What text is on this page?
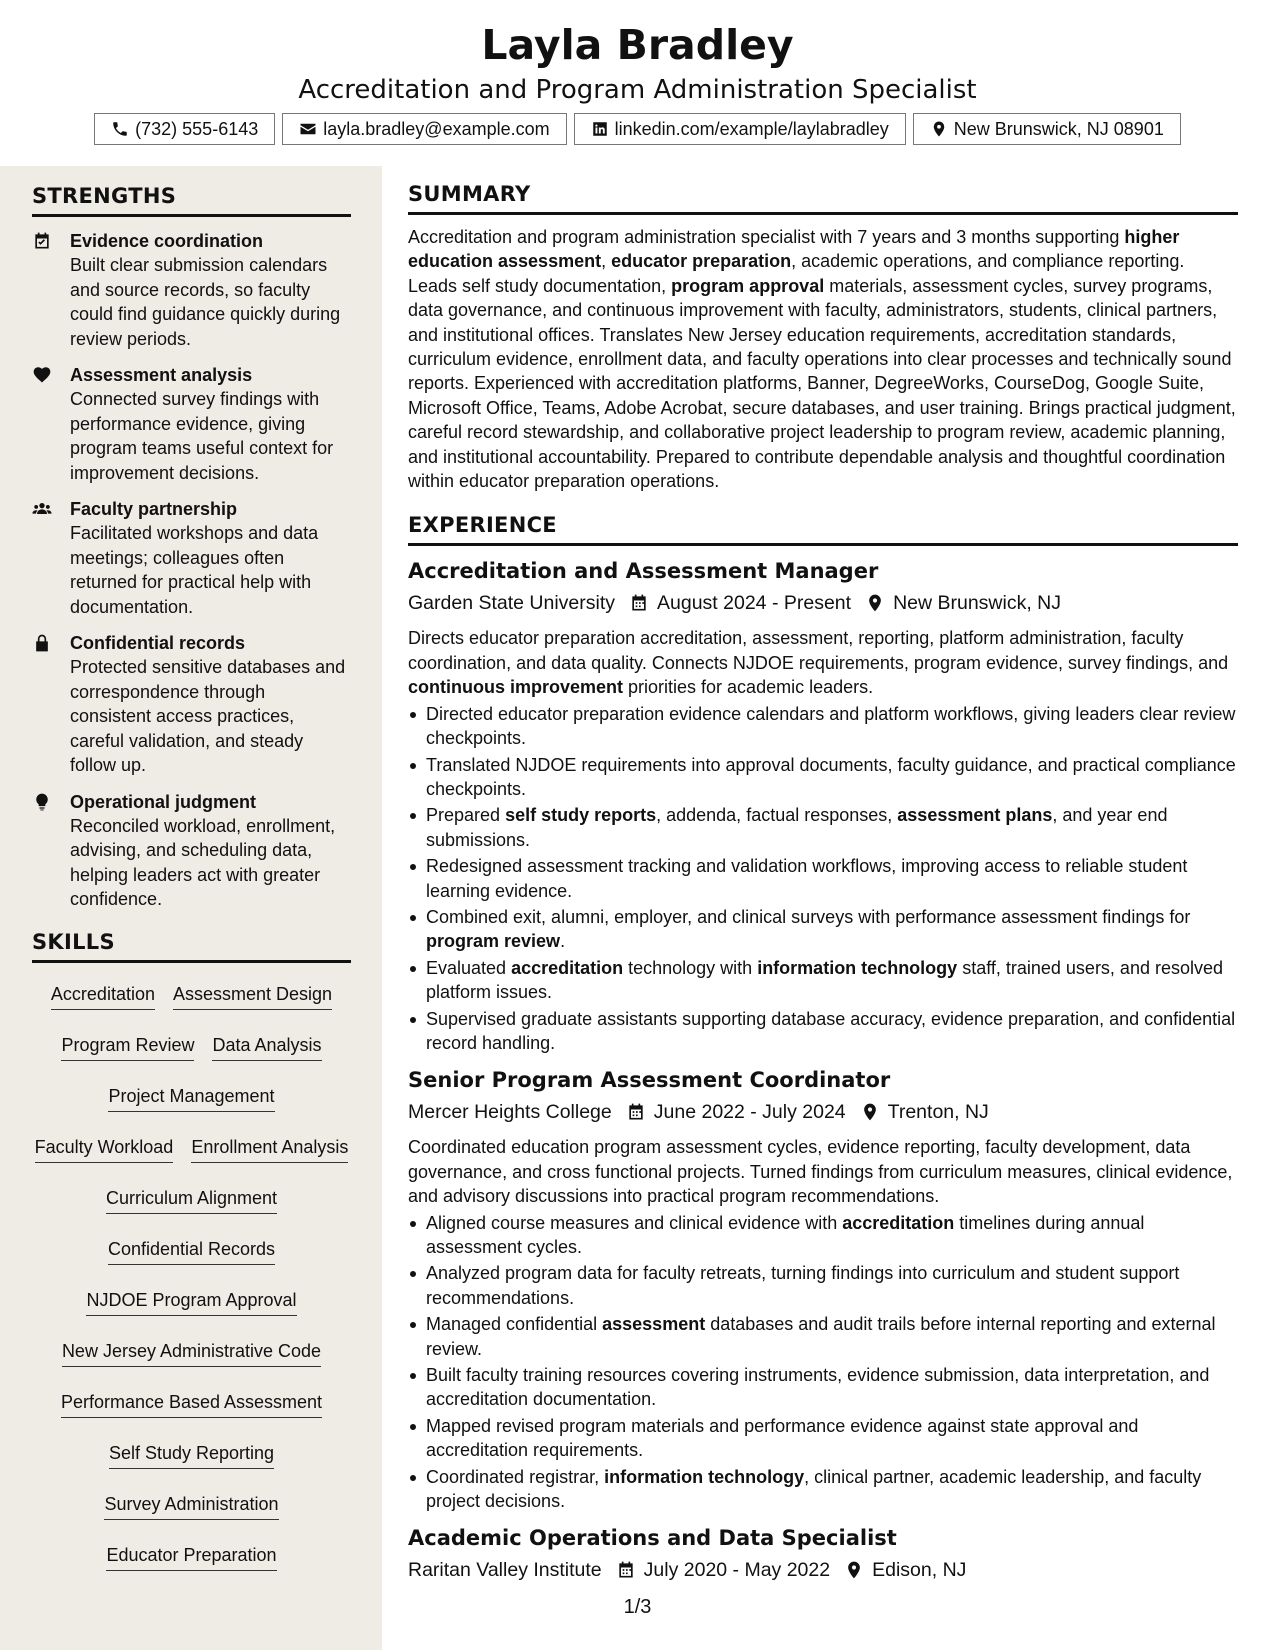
Layla Bradley
Accreditation and Program Administration Specialist
(732) 555-6143	layla.bradley@example.com	linkedin.com/example/laylabradley	New Brunswick, NJ 08901
STRENGTHS
Evidence coordination
Built clear submission calendars and source records, so faculty could find guidance quickly during review periods.
Assessment analysis
Connected survey findings with performance evidence, giving program teams useful context for improvement decisions.
Faculty partnership
Facilitated workshops and data meetings; colleagues often returned for practical help with documentation.
Confidential records
Protected sensitive databases and correspondence through consistent access practices, careful validation, and steady follow up.
Operational judgment
Reconciled workload, enrollment, advising, and scheduling data, helping leaders act with greater confidence.
SKILLS
Accreditation Assessment Design
Program Review Data Analysis
Project Management
Faculty Workload Enrollment Analysis
Curriculum Alignment
Confidential Records
NJDOE Program Approval
New Jersey Administrative Code
Performance Based Assessment
Self Study Reporting
Survey Administration
Educator Preparation
SUMMARY

Accreditation and program administration specialist with 7 years and 3 months supporting higher education assessment, educator preparation, academic operations, and compliance reporting. Leads self study documentation, program approval materials, assessment cycles, survey programs, data governance, and continuous improvement with faculty, administrators, students, clinical partners, and institutional offices. Translates New Jersey education requirements, accreditation standards, curriculum evidence, enrollment data, and faculty operations into clear processes and technically sound reports. Experienced with accreditation platforms, Banner, DegreeWorks, CourseDog, Google Suite, Microsoft Office, Teams, Adobe Acrobat, secure databases, and user training. Brings practical judgment, careful record stewardship, and collaborative project leadership to program review, academic planning, and institutional accountability. Prepared to contribute dependable analysis and thoughtful coordination within educator preparation operations.

EXPERIENCE
Accreditation and Assessment Manager
Garden State University August 2024 - Present New Brunswick, NJ
Directs educator preparation accreditation, assessment, reporting, platform administration, faculty coordination, and data quality. Connects NJDOE requirements, program evidence, survey findings, and continuous improvement priorities for academic leaders.
Directed educator preparation evidence calendars and platform workflows, giving leaders clear review checkpoints.
Translated NJDOE requirements into approval documents, faculty guidance, and practical compliance checkpoints.
Prepared self study reports, addenda, factual responses, assessment plans, and year end submissions.
Redesigned assessment tracking and validation workflows, improving access to reliable student learning evidence.
Combined exit, alumni, employer, and clinical surveys with performance assessment findings for program review.
Evaluated accreditation technology with information technology staff, trained users, and resolved platform issues.
Supervised graduate assistants supporting database accuracy, evidence preparation, and confidential record handling.
Senior Program Assessment Coordinator
Mercer Heights College June 2022 - July 2024 Trenton, NJ
Coordinated education program assessment cycles, evidence reporting, faculty development, data governance, and cross functional projects. Turned findings from curriculum measures, clinical evidence, and advisory discussions into practical program recommendations.
Aligned course measures and clinical evidence with accreditation timelines during annual assessment cycles.
Analyzed program data for faculty retreats, turning findings into curriculum and student support recommendations.
Managed confidential assessment databases and audit trails before internal reporting and external review.
Built faculty training resources covering instruments, evidence submission, data interpretation, and accreditation documentation.
Mapped revised program materials and performance evidence against state approval and accreditation requirements.
Coordinated registrar, information technology, clinical partner, academic leadership, and faculty project decisions.
Academic Operations and Data Specialist
Raritan Valley Institute July 2020 - May 2022 Edison, NJ
1/3
